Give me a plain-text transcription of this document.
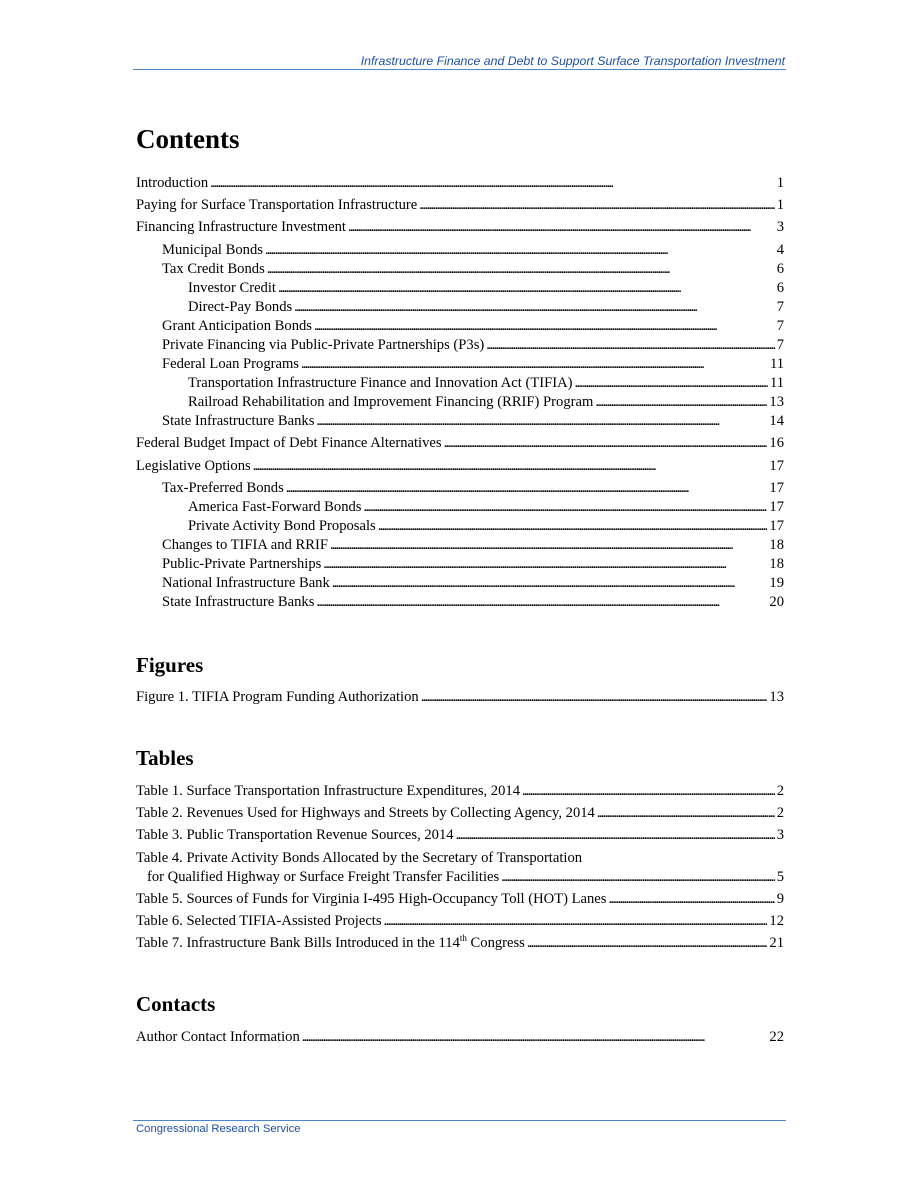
Infrastructure Finance and Debt to Support Surface Transportation Investment
Contents
Introduction . . .	1
Paying for Surface Transportation Infrastructure . . .	1
Financing Infrastructure Investment . . .	3
Municipal Bonds . . .	4
Tax Credit Bonds . . .	6
Investor Credit . . .	6
Direct-Pay Bonds . . .	7
Grant Anticipation Bonds . . .	7
Private Financing via Public-Private Partnerships (P3s) . . .	7
Federal Loan Programs . . .	11
Transportation Infrastructure Finance and Innovation Act (TIFIA) . . .	11
Railroad Rehabilitation and Improvement Financing (RRIF) Program . . .	13
State Infrastructure Banks . . .	14
Federal Budget Impact of Debt Finance Alternatives . . .	16
Legislative Options . . .	17
Tax-Preferred Bonds . . .	17
America Fast-Forward Bonds . . .	17
Private Activity Bond Proposals . . .	17
Changes to TIFIA and RRIF . . .	18
Public-Private Partnerships . . .	18
National Infrastructure Bank . . .	19
State Infrastructure Banks . . .	20
Figures
Figure 1. TIFIA Program Funding Authorization . . .	13
Tables
Table 1. Surface Transportation Infrastructure Expenditures, 2014 . . .	2
Table 2. Revenues Used for Highways and Streets by Collecting Agency, 2014 . . .	2
Table 3. Public Transportation Revenue Sources, 2014 . . .	3
Table 4. Private Activity Bonds Allocated by the Secretary of Transportation
for Qualified Highway or Surface Freight Transfer Facilities . . .	5
Table 5. Sources of Funds for Virginia I-495 High-Occupancy Toll (HOT) Lanes . . .	9
Table 6. Selected TIFIA-Assisted Projects . . .	12
Table 7. Infrastructure Bank Bills Introduced in the 114th Congress . . .	21
Contacts
Author Contact Information . . .	22
Congressional Research Service
